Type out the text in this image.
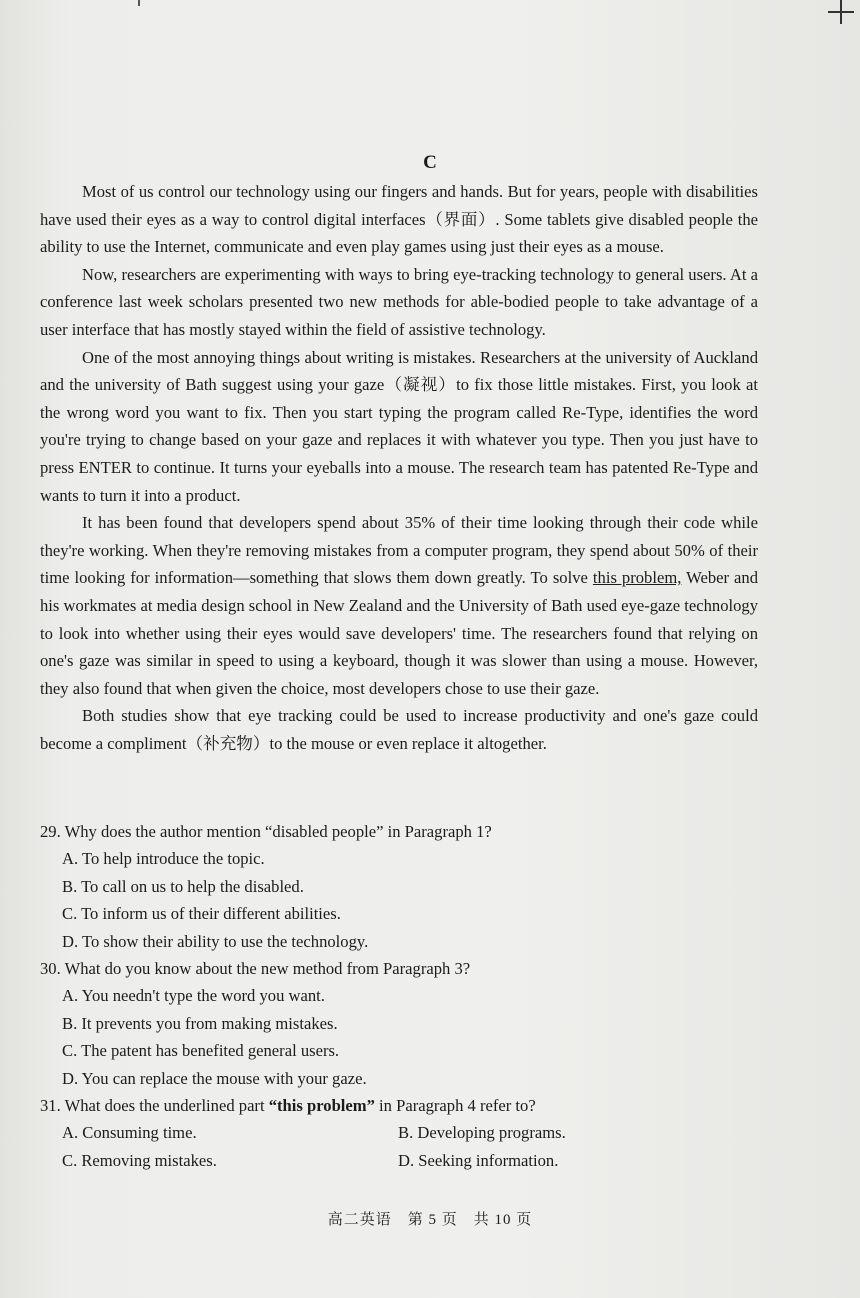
C

Most of us control our technology using our fingers and hands. But for years, people with disabilities have used their eyes as a way to control digital interfaces（界面）. Some tablets give disabled people the ability to use the Internet, communicate and even play games using just their eyes as a mouse.

Now, researchers are experimenting with ways to bring eye-tracking technology to general users. At a conference last week scholars presented two new methods for able-bodied people to take advantage of a user interface that has mostly stayed within the field of assistive technology.

One of the most annoying things about writing is mistakes. Researchers at the university of Auckland and the university of Bath suggest using your gaze（凝视）to fix those little mistakes. First, you look at the wrong word you want to fix. Then you start typing the program called Re-Type, identifies the word you're trying to change based on your gaze and replaces it with whatever you type. Then you just have to press ENTER to continue. It turns your eyeballs into a mouse. The research team has patented Re-Type and wants to turn it into a product.

It has been found that developers spend about 35% of their time looking through their code while they're working. When they're removing mistakes from a computer program, they spend about 50% of their time looking for information—something that slows them down greatly. To solve this problem, Weber and his workmates at media design school in New Zealand and the University of Bath used eye-gaze technology to look into whether using their eyes would save developers' time. The researchers found that relying on one's gaze was similar in speed to using a keyboard, though it was slower than using a mouse. However, they also found that when given the choice, most developers chose to use their gaze.

Both studies show that eye tracking could be used to increase productivity and one's gaze could become a compliment（补充物）to the mouse or even replace it altogether.

29. Why does the author mention “disabled people” in Paragraph 1?

A. To help introduce the topic.

B. To call on us to help the disabled.

C. To inform us of their different abilities.

D. To show their ability to use the technology.

30. What do you know about the new method from Paragraph 3?

A. You needn't type the word you want.

B. It prevents you from making mistakes.

C. The patent has benefited general users.

D. You can replace the mouse with your gaze.

31. What does the underlined part “this problem” in Paragraph 4 refer to?

A. Consuming time.	B. Developing programs.
C. Removing mistakes.	D. Seeking information.
高二英语　第 5 页　共 10 页
